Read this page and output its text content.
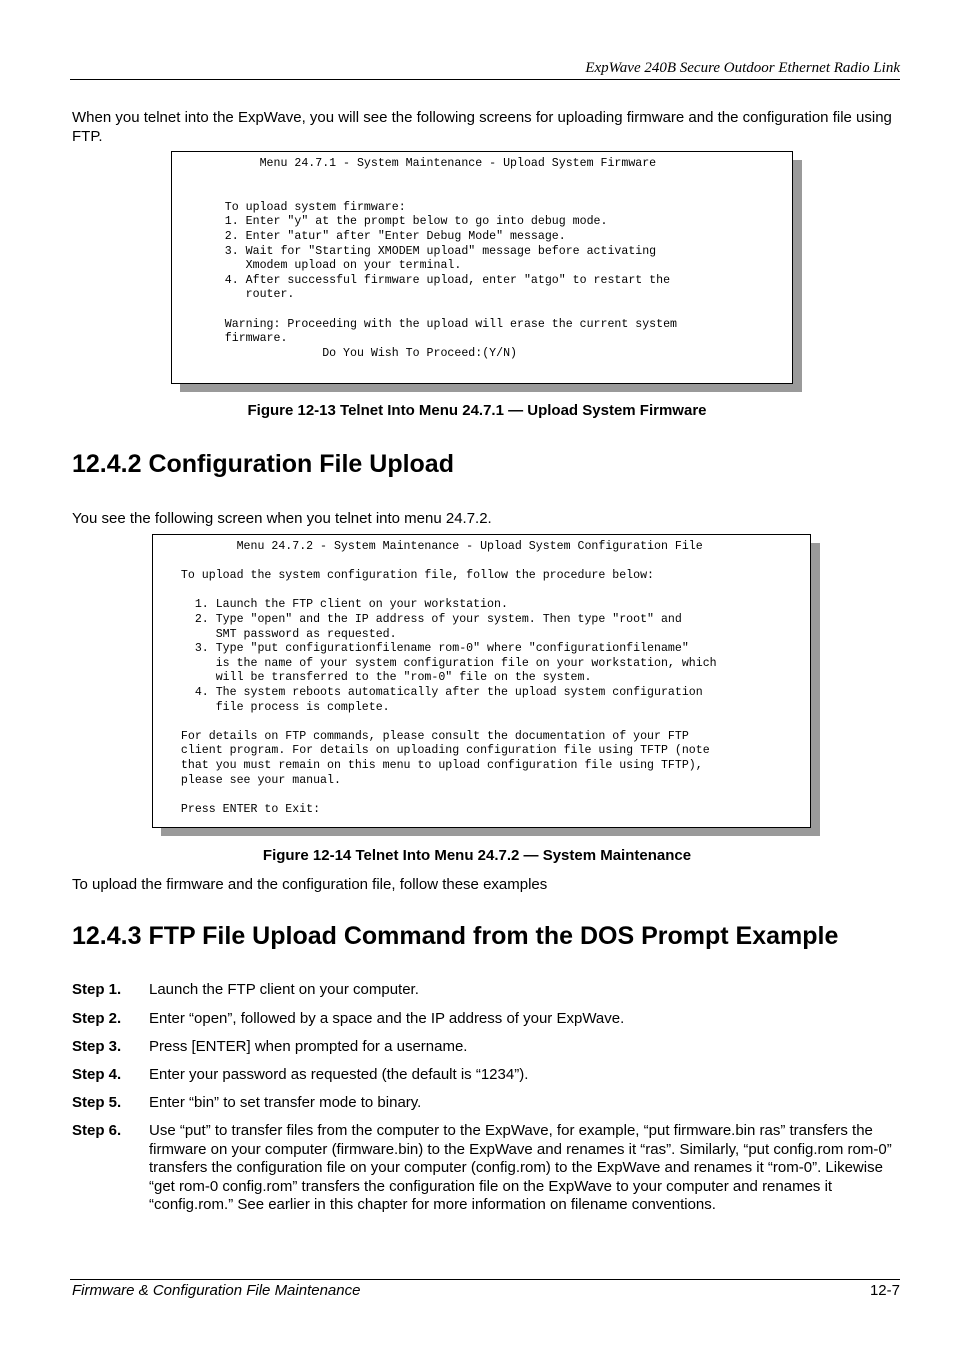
ExpWave 240B Secure Outdoor Ethernet Radio Link
When you telnet into the ExpWave, you will see the following screens for uploading firmware and the configuration file using FTP.
Menu 24.7.1 - System Maintenance - Upload System Firmware

To upload system firmware:
1. Enter "y" at the prompt below to go into debug mode.
2. Enter "atur" after "Enter Debug Mode" message.
3. Wait for "Starting XMODEM upload" message before activating
Xmodem upload on your terminal.
4. After successful firmware upload, enter "atgo" to restart the
router.

Warning: Proceeding with the upload will erase the current system
firmware.
Do You Wish To Proceed:(Y/N)
Figure 12-13 Telnet Into Menu 24.7.1 — Upload System Firmware
12.4.2 Configuration File Upload
You see the following screen when you telnet into menu 24.7.2.
Menu 24.7.2 - System Maintenance - Upload System Configuration File

To upload the system configuration file, follow the procedure below:

1. Launch the FTP client on your workstation.
2. Type "open" and the IP address of your system. Then type "root" and
SMT password as requested.
3. Type "put configurationfilename rom-0" where "configurationfilename"
is the name of your system configuration file on your workstation, which
will be transferred to the "rom-0" file on the system.
4. The system reboots automatically after the upload system configuration
file process is complete.

For details on FTP commands, please consult the documentation of your FTP
client program. For details on uploading configuration file using TFTP (note
that you must remain on this menu to upload configuration file using TFTP),
please see your manual.

Press ENTER to Exit:
Figure 12-14 Telnet Into Menu 24.7.2 — System Maintenance
To upload the firmware and the configuration file, follow these examples
12.4.3 FTP File Upload Command from the DOS Prompt Example
Step 1. Launch the FTP client on your computer.
Step 2. Enter “open”, followed by a space and the IP address of your ExpWave.
Step 3. Press [ENTER] when prompted for a username.
Step 4. Enter your password as requested (the default is “1234”).
Step 5. Enter “bin” to set transfer mode to binary.
Step 6. Use “put” to transfer files from the computer to the ExpWave, for example, “put firmware.bin ras” transfers the firmware on your computer (firmware.bin) to the ExpWave and renames it “ras”. Similarly, “put config.rom rom-0” transfers the configuration file on your computer (config.rom) to the ExpWave and renames it “rom-0”. Likewise “get rom-0 config.rom” transfers the configuration file on the ExpWave to your computer and renames it “config.rom.” See earlier in this chapter for more information on filename conventions.
Firmware & Configuration File Maintenance	12-7
